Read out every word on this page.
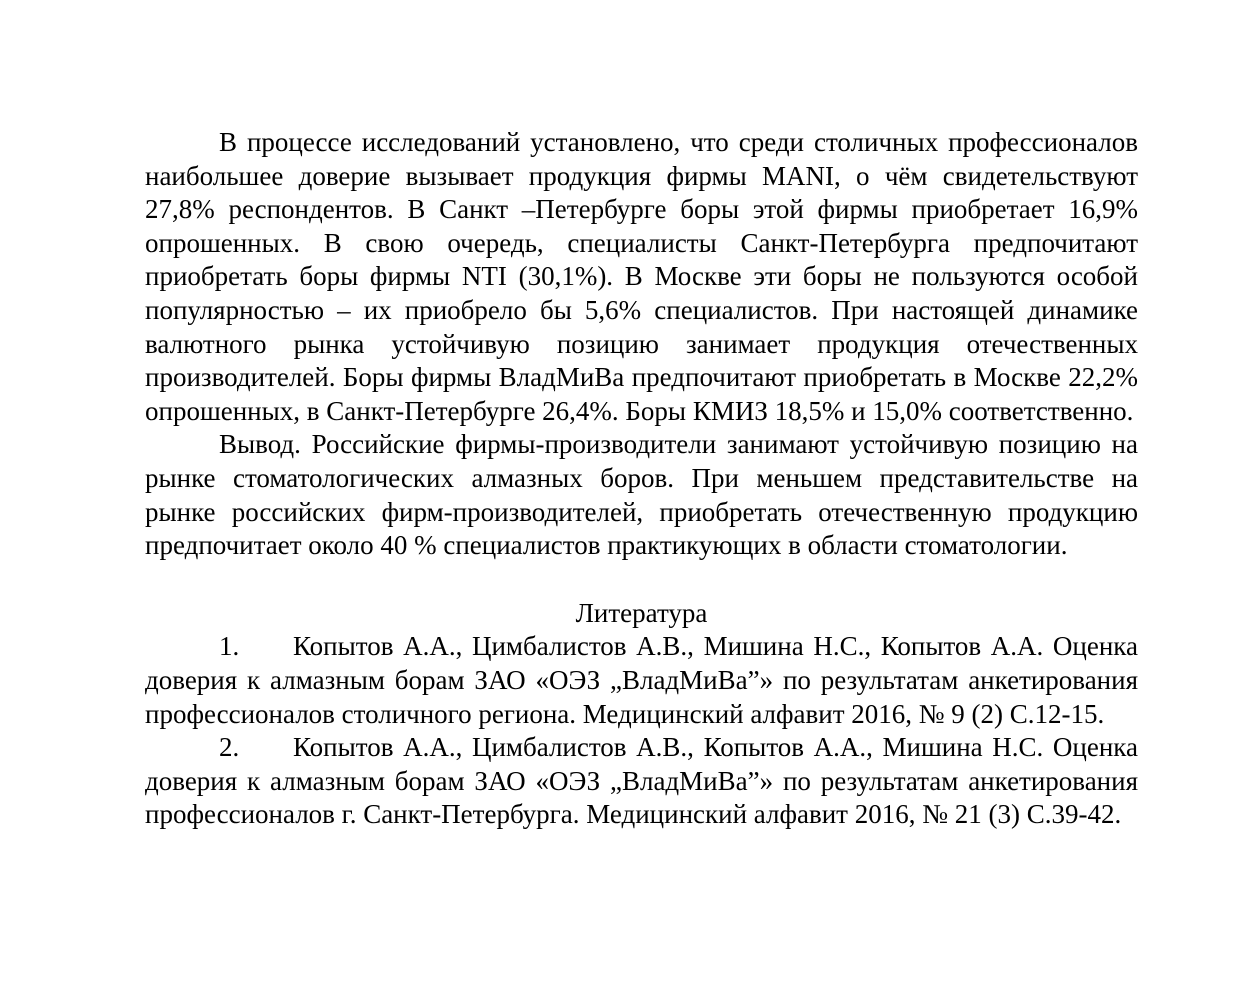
В процессе исследований установлено, что среди столичных профессионалов наибольшее доверие вызывает продукция фирмы MANI, о чём свидетельствуют 27,8% респондентов. В Санкт –Петербурге боры этой фирмы приобретает 16,9% опрошенных. В свою очередь, специалисты Санкт-Петербурга предпочитают приобретать боры фирмы NTI (30,1%). В Москве эти боры не пользуются особой популярностью – их приобрело бы 5,6% специалистов. При настоящей динамике валютного рынка устойчивую позицию занимает продукция отечественных производителей. Боры фирмы ВладМиВа предпочитают приобретать в Москве 22,2% опрошенных, в Санкт-Петербурге 26,4%. Боры КМИЗ 18,5% и 15,0% соответственно.

Вывод. Российские фирмы-производители занимают устойчивую позицию на рынке стоматологических алмазных боров. При меньшем представительстве на рынке российских фирм-производителей, приобретать отечественную продукцию предпочитает около 40 % специалистов практикующих в области стоматологии.

Литература

1. Копытов А.А., Цимбалистов А.В., Мишина Н.С., Копытов А.А. Оценка доверия к алмазным борам ЗАО «ОЭЗ „ВладМиВа”» по результатам анкетирования профессионалов столичного региона. Медицинский алфавит 2016, № 9 (2) С.12-15.

2. Копытов А.А., Цимбалистов А.В., Копытов А.А., Мишина Н.С. Оценка доверия к алмазным борам ЗАО «ОЭЗ „ВладМиВа”» по результатам анкетирования профессионалов г. Санкт-Петербурга. Медицинский алфавит 2016, № 21 (3) С.39-42.
